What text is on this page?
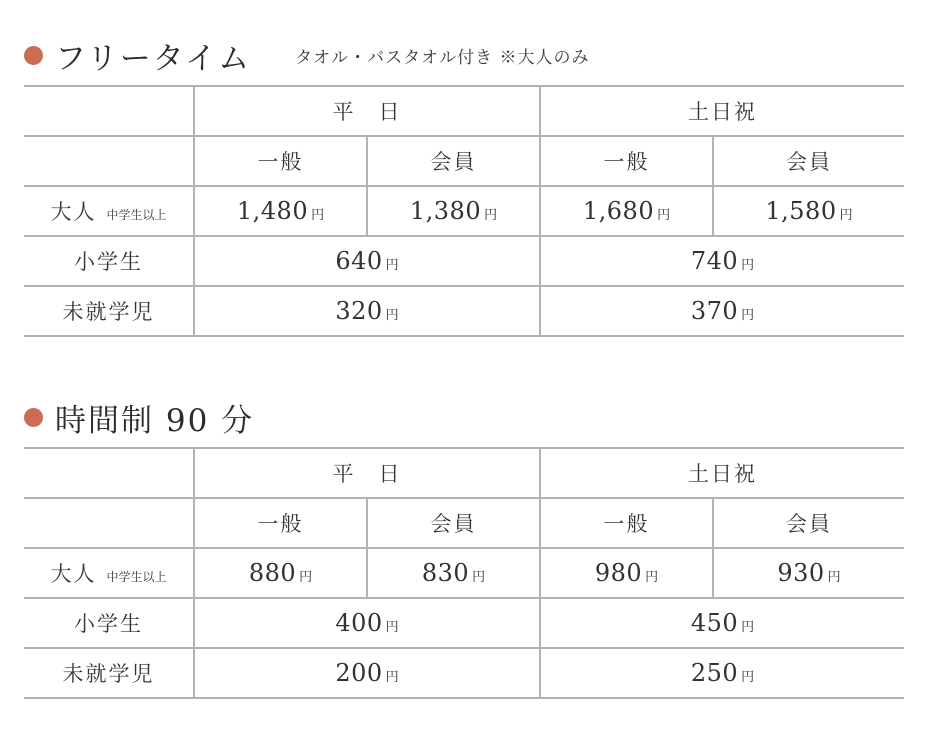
フリータイム	タオル・バスタオル付き ※大人のみ
	平　日		土日祝	
	一般	会員	一般	会員
大人 中学生以上	1,480 円	1,380 円	1,680 円	1,580 円
小学生	640 円		740 円	
未就学児	320 円		370 円	
時間制 90 分
	平　日		土日祝	
	一般	会員	一般	会員
大人 中学生以上	880 円	830 円	980 円	930 円
小学生	400 円		450 円	
未就学児	200 円		250 円	
